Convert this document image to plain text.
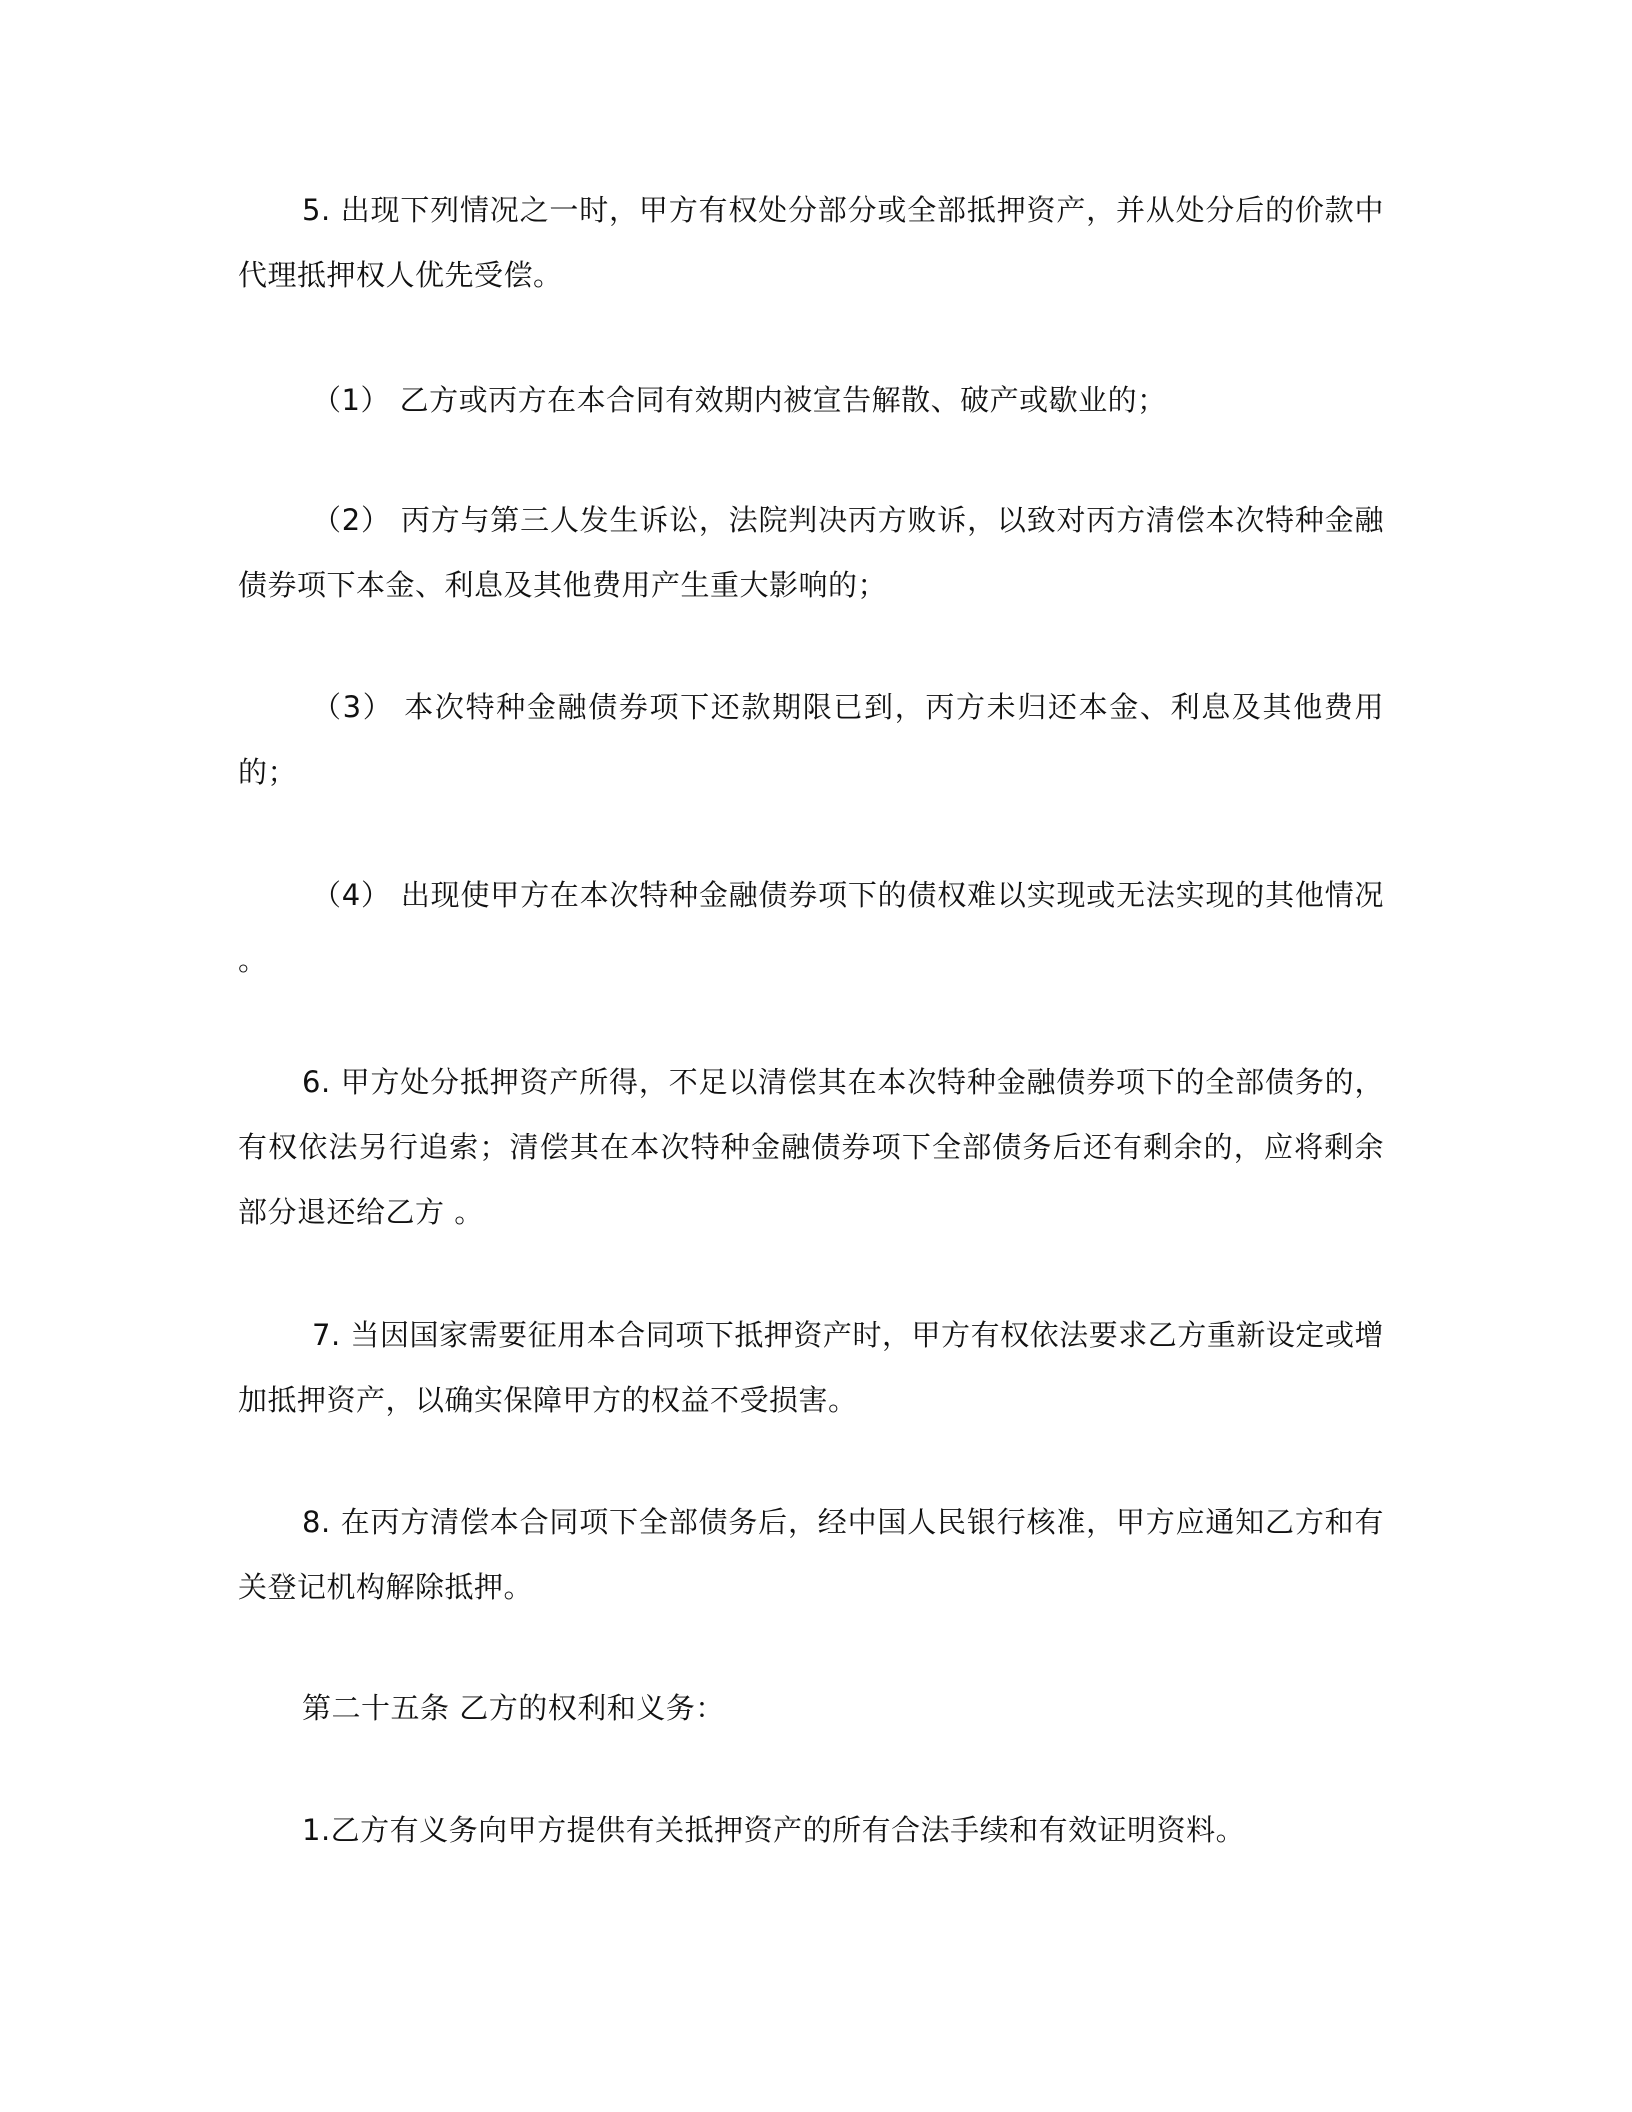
5. 出现下列情况之一时，甲方有权处分部分或全部抵押资产，并从处分后的价款中代理抵押权人优先受偿。

（1） 乙方或丙方在本合同有效期内被宣告解散、破产或歇业的；

（2） 丙方与第三人发生诉讼，法院判决丙方败诉，以致对丙方清偿本次特种金融债券项下本金、利息及其他费用产生重大影响的；

（3） 本次特种金融债券项下还款期限已到，丙方未归还本金、利息及其他费用的；

（4） 出现使甲方在本次特种金融债券项下的债权难以实现或无法实现的其他情况 。

6. 甲方处分抵押资产所得，不足以清偿其在本次特种金融债券项下的全部债务的，有权依法另行追索；清偿其在本次特种金融债券项下全部债务后还有剩余的，应将剩余部分退还给乙方 。

7. 当因国家需要征用本合同项下抵押资产时，甲方有权依法要求乙方重新设定或增加抵押资产，以确实保障甲方的权益不受损害。

8. 在丙方清偿本合同项下全部债务后，经中国人民银行核准，甲方应通知乙方和有关登记机构解除抵押。

第二十五条 乙方的权利和义务：

1.乙方有义务向甲方提供有关抵押资产的所有合法手续和有效证明资料。
